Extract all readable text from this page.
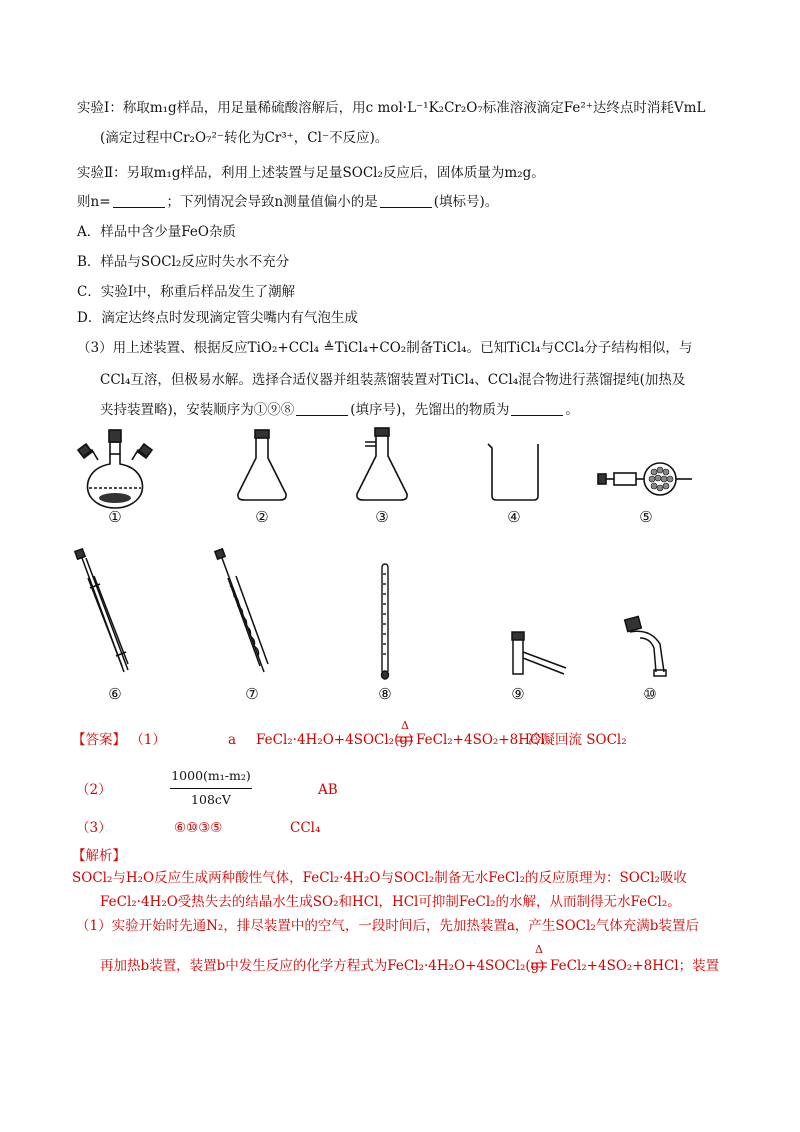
实验Ⅰ：称取m₁g样品，用足量稀硫酸溶解后，用c mol·L⁻¹K₂Cr₂O₇标准溶液滴定Fe²⁺达终点时消耗VmL
(滴定过程中Cr₂O₇²⁻转化为Cr³⁺，Cl⁻不反应)。
实验Ⅱ：另取m₁g样品，利用上述装置与足量SOCl₂反应后，固体质量为m₂g。
则n=	；下列情况会导致n测量值偏小的是	(填标号)。
A．样品中含少量FeO杂质
B．样品与SOCl₂反应时失水不充分
C．实验Ⅰ中，称重后样品发生了潮解
D．滴定达终点时发现滴定管尖嘴内有气泡生成
（3）用上述装置、根据反应TiO₂+CCl₄ ≜TiCl₄+CO₂制备TiCl₄。已知TiCl₄与CCl₄分子结构相似，与
CCl₄互溶，但极易水解。选择合适仪器并组装蒸馏装置对TiCl₄、CCl₄混合物进行蒸馏提纯(加热及
夹持装置略)，安装顺序为①⑨⑧	(填序号)，先馏出的物质为	。
①	②	③	④	⑤
⑥	⑦	⑧	⑨	⑩
【答案】 （1）	a	FeCl₂·4H₂O+4SOCl₂(g)
Δ
FeCl₂+4SO₂+8HCl
冷凝回流 SOCl₂
（2）
1000(m₁-m₂)
108cV
AB
（3）	⑥⑩③⑤	CCl₄
【解析】
SOCl₂与H₂O反应生成两种酸性气体，FeCl₂·4H₂O与SOCl₂制备无水FeCl₂的反应原理为：SOCl₂吸收
FeCl₂·4H₂O受热失去的结晶水生成SO₂和HCl，HCl可抑制FeCl₂的水解，从而制得无水FeCl₂。
（1）实验开始时先通N₂，排尽装置中的空气，一段时间后，先加热装置a，产生SOCl₂气体充满b装置后
再加热b装置，装置b中发生反应的化学方程式为FeCl₂·4H₂O+4SOCl₂(g)
Δ
FeCl₂+4SO₂+8HCl；装置
